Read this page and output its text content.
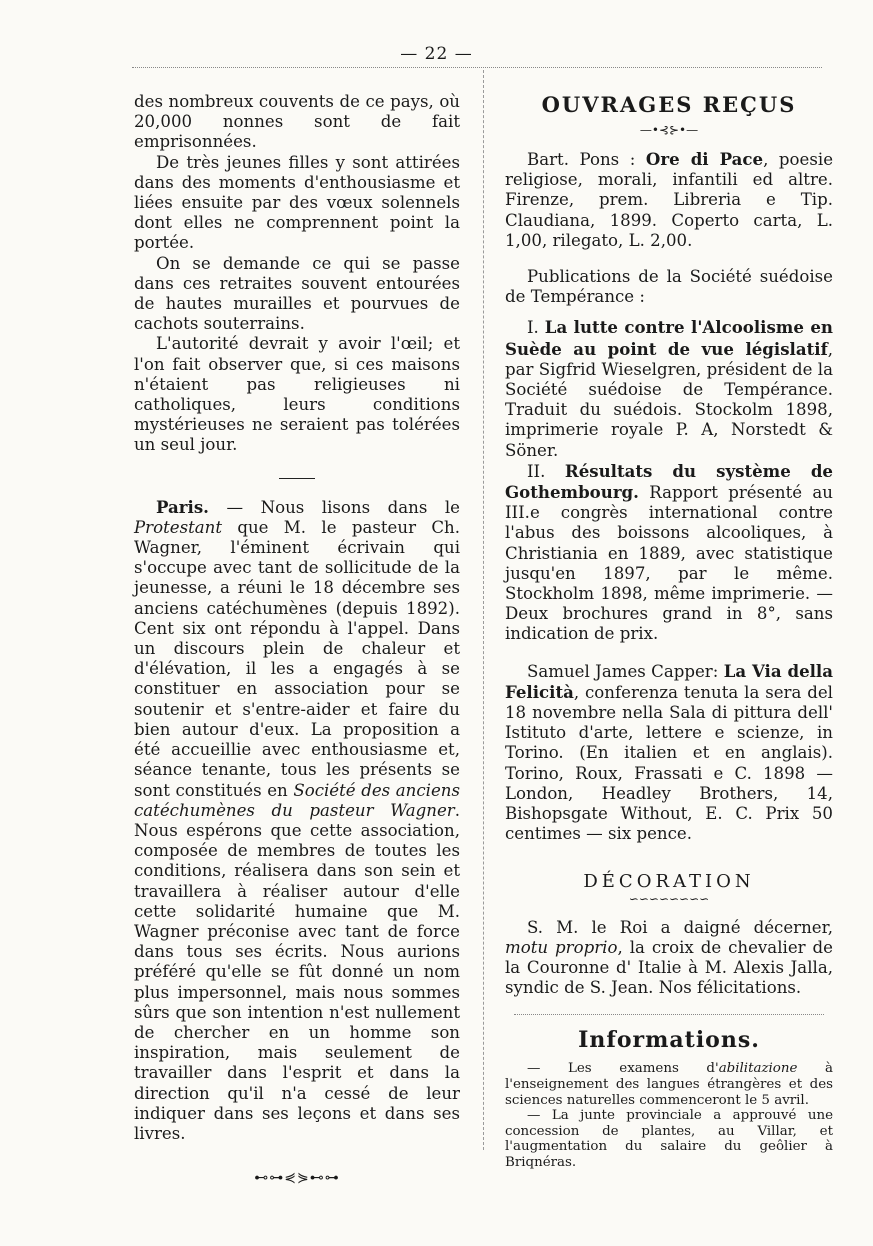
— 22 —

des nombreux couvents de ce pays, où 20,000 nonnes sont de fait emprisonnées.

De très jeunes filles y sont attirées dans des moments d'enthousiasme et liées ensuite par des vœux solennels dont elles ne comprennent point la portée.

On se demande ce qui se passe dans ces retraites souvent entourées de hautes murailles et pourvues de cachots souterrains.

L'autorité devrait y avoir l'œil; et l'on fait observer que, si ces maisons n'étaient pas religieuses ni catholiques, leurs conditions mystérieuses ne seraient pas tolérées un seul jour.

Paris. — Nous lisons dans le Protestant que M. le pasteur Ch. Wagner, l'éminent écrivain qui s'occupe avec tant de sollicitude de la jeunesse, a réuni le 18 décembre ses anciens catéchumènes (depuis 1892). Cent six ont répondu à l'appel. Dans un discours plein de chaleur et d'élévation, il les a engagés à se constituer en association pour se soutenir et s'entre-aider et faire du bien autour d'eux. La proposition a été accueillie avec enthousiasme et, séance tenante, tous les présents se sont constitués en Société des anciens catéchumènes du pasteur Wagner. Nous espérons que cette association, composée de membres de toutes les conditions, réalisera dans son sein et travaillera à réaliser autour d'elle cette solidarité humaine que M. Wagner préconise avec tant de force dans tous ses écrits. Nous aurions préféré qu'elle se fût donné un nom plus impersonnel, mais nous sommes sûrs que son intention n'est nullement de chercher en un homme son inspiration, mais seulement de travailler dans l'esprit et dans la direction qu'il n'a cessé de leur indiquer dans ses leçons et dans ses livres.

⊷⊶⋞⋟⊷⊶
OUVRAGES REÇUS
—•⊰⊱•—

Bart. Pons : Ore di Pace, poesie religiose, morali, infantili ed altre. Firenze, prem. Libreria e Tip. Claudiana, 1899. Coperto carta, L. 1,00, rilegato, L. 2,00.

Publications de la Société suédoise de Tempérance :

I. La lutte contre l'Alcoolisme en Suède au point de vue législatif, par Sigfrid Wieselgren, président de la Société suédoise de Tempérance. Traduit du suédois. Stockolm 1898, imprimerie royale P. A, Norstedt & Söner.

II. Résultats du système de Gothembourg. Rapport présenté au III.e congrès international contre l'abus des boissons alcooliques, à Christiania en 1889, avec statistique jusqu'en 1897, par le même. Stockholm 1898, même imprimerie. — Deux brochures grand in 8°, sans indication de prix.

Samuel James Capper: La Via della Felicità, conferenza tenuta la sera del 18 novembre nella Sala di pittura dell' Istituto d'arte, lettere e scienze, in Torino. (En italien et en anglais). Torino, Roux, Frassati e C. 1898 — London, Headley Brothers, 14, Bishopsgate Without, E. C. Prix 50 centimes — six pence.

DÉCORATION
∽∽∽∽∽∽∽∽

S. M. le Roi a daigné décerner, motu proprio, la croix de chevalier de la Couronne d' Italie à M. Alexis Jalla, syndic de S. Jean. Nos félicitations.

Informations.

— Les examens d'abilitazione à l'enseignement des langues étrangères et des sciences naturelles commenceront le 5 avril.

— La junte provinciale a approuvé une concession de plantes, au Villar, et l'augmentation du salaire du geôlier à Briqnéras.
